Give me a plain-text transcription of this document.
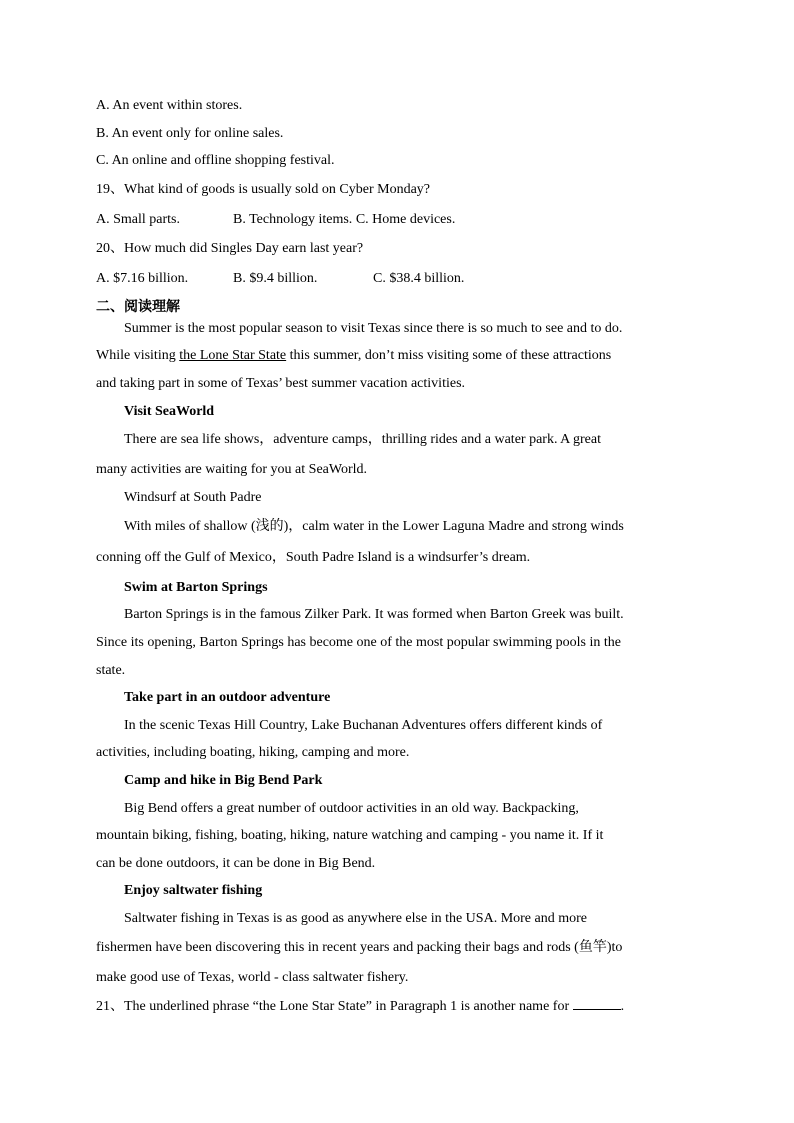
A. An event within stores.
B. An event only for online sales.
C. An online and offline shopping festival.
19、What kind of goods is usually sold on Cyber Monday?
A. Small parts.	B. Technology items. C. Home devices.
20、How much did Singles Day earn last year?
A. $7.16 billion.	B. $9.4 billion.	C. $38.4 billion.
二、阅读理解
Summer is the most popular season to visit Texas since there is so much to see and to do.
While visiting the Lone Star State this summer, don’t miss visiting some of these attractions
and taking part in some of Texas’ best summer vacation activities.
Visit SeaWorld
There are sea life shows，adventure camps，thrilling rides and a water park. A great
many activities are waiting for you at SeaWorld.
Windsurf at South Padre
With miles of shallow (浅的)，calm water in the Lower Laguna Madre and strong winds
conning off the Gulf of Mexico，South Padre Island is a windsurfer’s dream.
Swim at Barton Springs
Barton Springs is in the famous Zilker Park. It was formed when Barton Greek was built.
Since its opening, Barton Springs has become one of the most popular swimming pools in the
state.
Take part in an outdoor adventure
In the scenic Texas Hill Country, Lake Buchanan Adventures offers different kinds of
activities, including boating, hiking, camping and more.
Camp and hike in Big Bend Park
Big Bend offers a great number of outdoor activities in an old way. Backpacking,
mountain biking, fishing, boating, hiking, nature watching and camping - you name it. If it
can be done outdoors, it can be done in Big Bend.
Enjoy saltwater fishing
Saltwater fishing in Texas is as good as anywhere else in the USA. More and more
fishermen have been discovering this in recent years and packing their bags and rods (鱼竿)to
make good use of Texas, world - class saltwater fishery.
21、The underlined phrase “the Lone Star State” in Paragraph 1 is another name for	.
